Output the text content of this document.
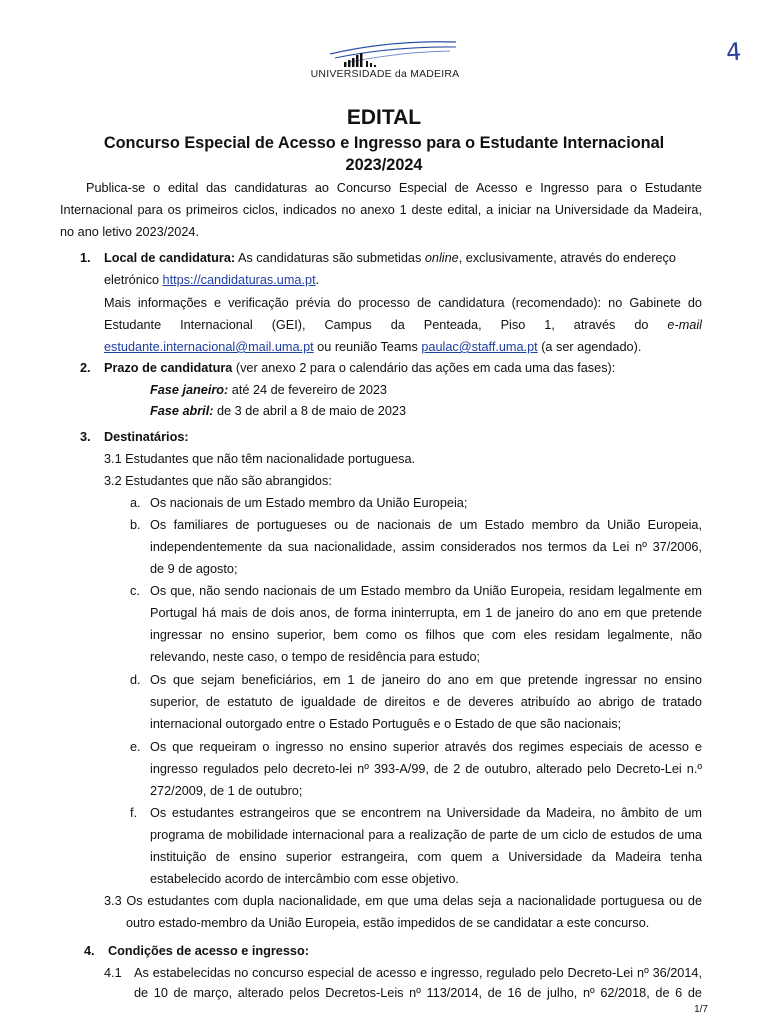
UNIVERSIDADE da MADEIRA
4
EDITAL
Concurso Especial de Acesso e Ingresso para o Estudante Internacional
2023/2024
Publica-se o edital das candidaturas ao Concurso Especial de Acesso e Ingresso para o Estudante
Internacional para os primeiros ciclos, indicados no anexo 1 deste edital, a iniciar na Universidade da Madeira,
no ano letivo 2023/2024.
1. Local de candidatura: As candidaturas são submetidas online, exclusivamente, através do endereço
eletrónico https://candidaturas.uma.pt.
Mais informações e verificação prévia do processo de candidatura (recomendado): no Gabinete do
Estudante Internacional (GEI), Campus da Penteada, Piso 1, através do e-mail
estudante.internacional@mail.uma.pt ou reunião Teams paulac@staff.uma.pt (a ser agendado).
2. Prazo de candidatura (ver anexo 2 para o calendário das ações em cada uma das fases):
Fase janeiro: até 24 de fevereiro de 2023
Fase abril: de 3 de abril a 8 de maio de 2023
3. Destinatários:
3.1 Estudantes que não têm nacionalidade portuguesa.
3.2 Estudantes que não são abrangidos:
a. Os nacionais de um Estado membro da União Europeia;
b. Os familiares de portugueses ou de nacionais de um Estado membro da União Europeia,
independentemente da sua nacionalidade, assim considerados nos termos da Lei nº 37/2006,
de 9 de agosto;
c. Os que, não sendo nacionais de um Estado membro da União Europeia, residam legalmente em
Portugal há mais de dois anos, de forma ininterrupta, em 1 de janeiro do ano em que pretende
ingressar no ensino superior, bem como os filhos que com eles residam legalmente, não
relevando, neste caso, o tempo de residência para estudo;
d. Os que sejam beneficiários, em 1 de janeiro do ano em que pretende ingressar no ensino
superior, de estatuto de igualdade de direitos e de deveres atribuído ao abrigo de tratado
internacional outorgado entre o Estado Português e o Estado de que são nacionais;
e. Os que requeiram o ingresso no ensino superior através dos regimes especiais de acesso e
ingresso regulados pelo decreto-lei nº 393-A/99, de 2 de outubro, alterado pelo Decreto-Lei n.º
272/2009, de 1 de outubro;
f. Os estudantes estrangeiros que se encontrem na Universidade da Madeira, no âmbito de um
programa de mobilidade internacional para a realização de parte de um ciclo de estudos de uma
instituição de ensino superior estrangeira, com quem a Universidade da Madeira tenha
estabelecido acordo de intercâmbio com esse objetivo.
3.3 Os estudantes com dupla nacionalidade, em que uma delas seja a nacionalidade portuguesa ou de
outro estado-membro da União Europeia, estão impedidos de se candidatar a este concurso.
4. Condições de acesso e ingresso:
4.1 As estabelecidas no concurso especial de acesso e ingresso, regulado pelo Decreto-Lei nº 36/2014,
de 10 de março, alterado pelos Decretos-Leis nº 113/2014, de 16 de julho, nº 62/2018, de 6 de
1/7
